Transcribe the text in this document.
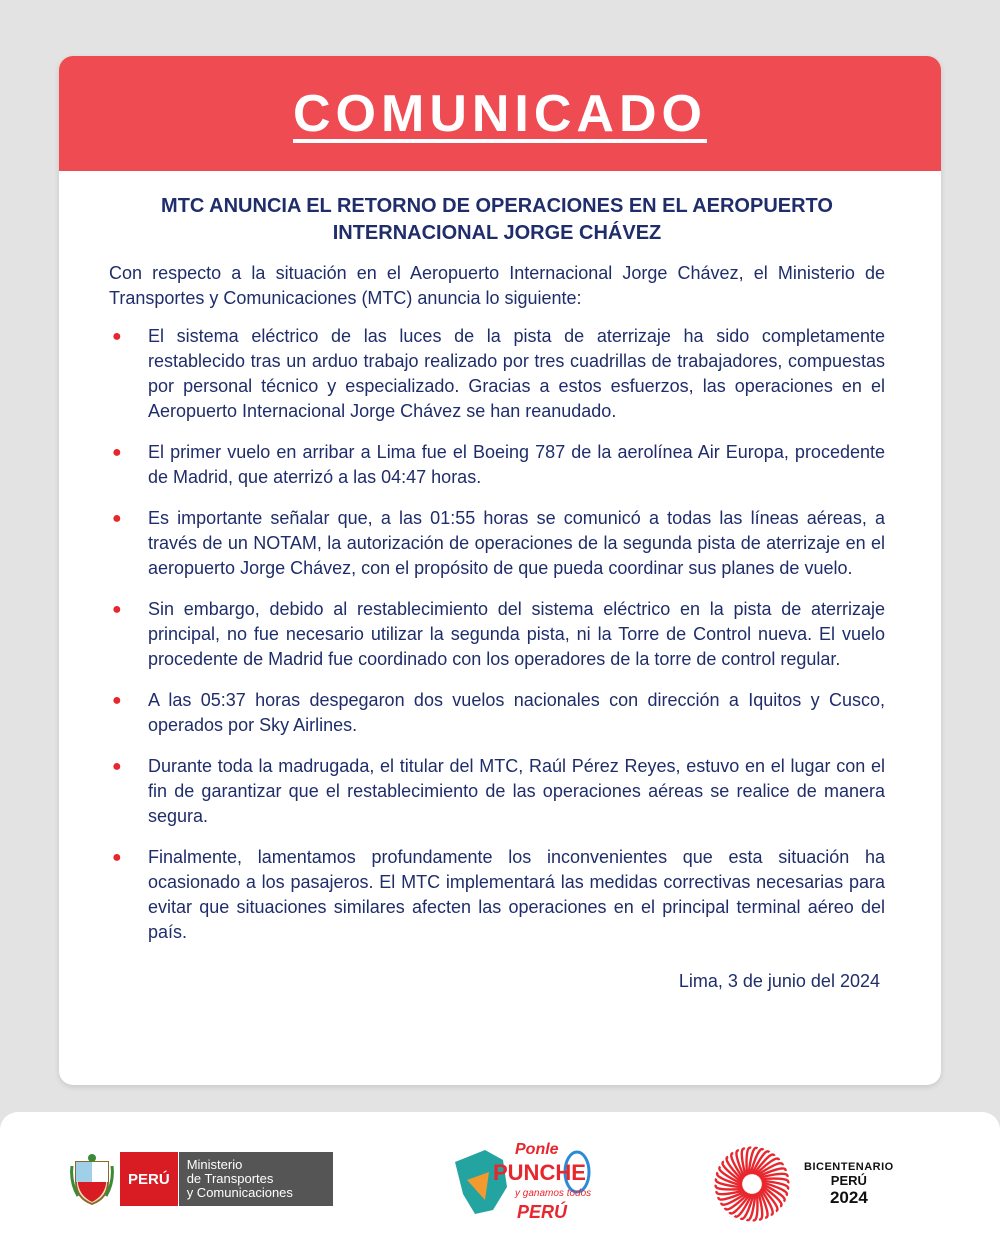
COMUNICADO

MTC ANUNCIA EL RETORNO DE OPERACIONES EN EL AEROPUERTO INTERNACIONAL JORGE CHÁVEZ

Con respecto a la situación en el Aeropuerto Internacional Jorge Chávez, el Ministerio de Transportes y Comunicaciones (MTC) anuncia lo siguiente:

●	El sistema eléctrico de las luces de la pista de aterrizaje ha sido completamente restablecido tras un arduo trabajo realizado por tres cuadrillas de trabajadores, compuestas por personal técnico y especializado. Gracias a estos esfuerzos, las operaciones en el Aeropuerto Internacional Jorge Chávez se han reanudado.
●	El primer vuelo en arribar a Lima fue el Boeing 787 de la aerolínea Air Europa, procedente de Madrid, que aterrizó a las 04:47 horas.
●	Es importante señalar que, a las 01:55 horas se comunicó a todas las líneas aéreas, a través de un NOTAM, la autorización de operaciones de la segunda pista de aterrizaje en el aeropuerto Jorge Chávez, con el propósito de que pueda coordinar sus planes de vuelo.
●	Sin embargo, debido al restablecimiento del sistema eléctrico en la pista de aterrizaje principal, no fue necesario utilizar la segunda pista, ni la Torre de Control nueva. El vuelo procedente de Madrid fue coordinado con los operadores de la torre de control regular.
●	A las 05:37 horas despegaron dos vuelos nacionales con dirección a Iquitos y Cusco, operados por Sky Airlines.
●	Durante toda la madrugada, el titular del MTC, Raúl Pérez Reyes, estuvo en el lugar con el fin de garantizar que el restablecimiento de las operaciones aéreas se realice de manera segura.
●	Finalmente, lamentamos profundamente los inconvenientes que esta situación ha ocasionado a los pasajeros. El MTC implementará las medidas correctivas necesarias para evitar que situaciones similares afecten las operaciones en el principal terminal aéreo del país.
Lima, 3 de junio del 2024
PERÚ
Ministerio
de Transportes
y Comunicaciones
Ponle
PUNCHE
y ganamos todos
PERÚ
BICENTENARIO
PERÚ
2024
